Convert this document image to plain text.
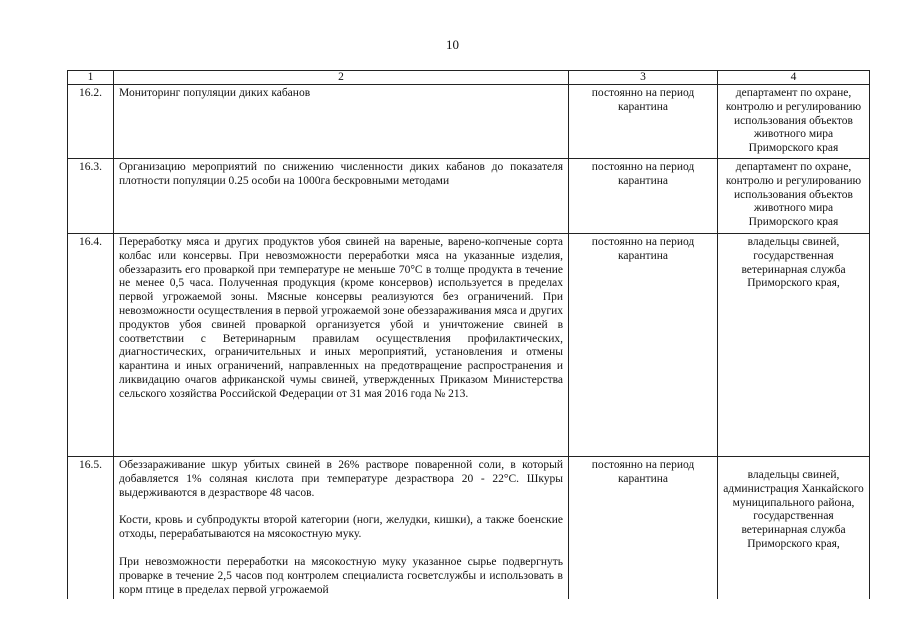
10
1	2	3	4
16.2.	Мониторинг популяции диких кабанов	постоянно на период карантина	департамент по охране, контролю и регулированию использования объектов животного мира Приморского края
16.3.	Организацию мероприятий по снижению численности диких кабанов до показателя плотности популяции 0.25 особи на 1000га бескровными методами	постоянно на период карантина	департамент по охране, контролю и регулированию использования объектов животного мира Приморского края
16.4.	Переработку мяса и других продуктов убоя свиней на вареные, варено-копченые сорта колбас или консервы. При невозможности переработки мяса на указанные изделия, обеззаразить его проваркой при температуре не меньше 70°С в толще продукта в течение не менее 0,5 часа. Полученная продукция (кроме консервов) используется в пределах первой угрожаемой зоны. Мясные консервы реализуются без ограничений. При невозможности осуществления в первой угрожаемой зоне обеззараживания мяса и других продуктов убоя свиней проваркой организуется убой и уничтожение свиней в соответствии с Ветеринарным правилам осуществления профилактических, диагностических, ограничительных и иных мероприятий, установления и отмены карантина и иных ограничений, направленных на предотвращение распространения и ликвидацию очагов африканской чумы свиней, утвержденных Приказом Министерства сельского хозяйства Российской Федерации от 31 мая 2016 года № 213.	постоянно на период карантина	владельцы свиней, государственная ветеринарная служба Приморского края,
16.5.	Обеззараживание шкур убитых свиней в 26% растворе поваренной соли, в который добавляется 1% соляная кислота при температуре дезраствора 20 - 22°С. Шкуры выдерживаются в дезрастворе 48 часов.

Кости, кровь и субпродукты второй категории (ноги, желудки, кишки), а также боенские отходы, перерабатываются на мясокостную муку.

При невозможности переработки на мясокостную муку указанное сырье подвергнуть проварке в течение 2,5 часов под контролем специалиста госветслужбы и использовать в корм птице в пределах первой угрожаемой	постоянно на период карантина	владельцы свиней, администрация Ханкайского муниципального района, государственная ветеринарная служба Приморского края,
